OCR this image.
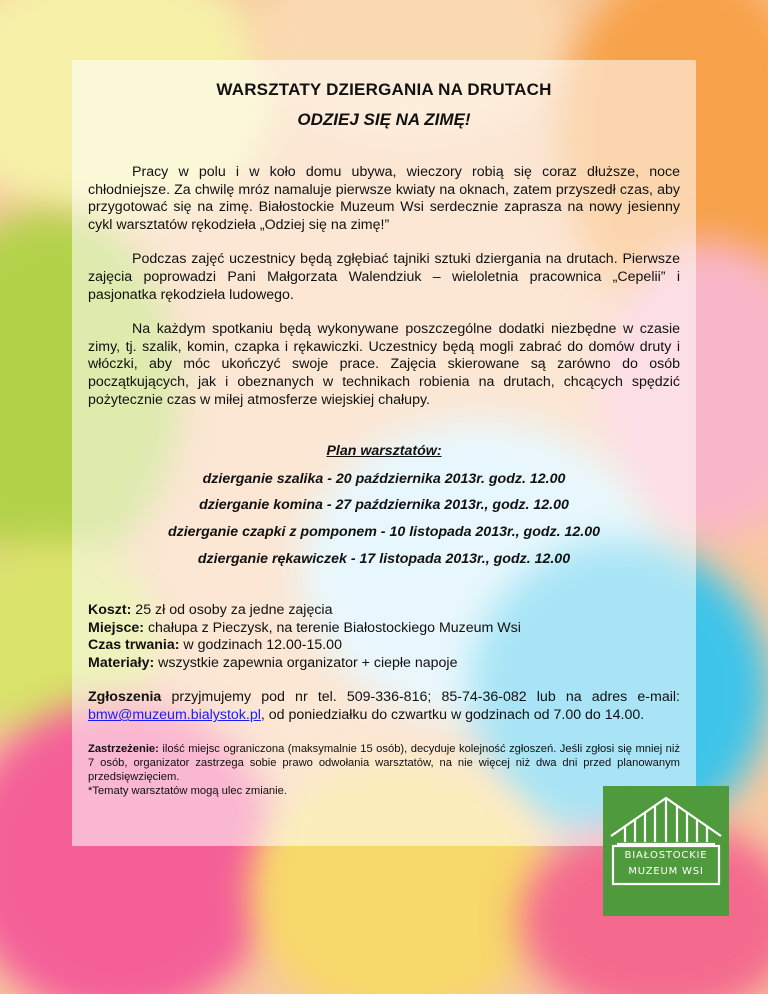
WARSZTATY DZIERGANIA NA DRUTACH
ODZIEJ SIĘ NA ZIMĘ!

Pracy w polu i w koło domu ubywa, wieczory robią się coraz dłuższe, noce chłodniejsze. Za chwilę mróz namaluje pierwsze kwiaty na oknach, zatem przyszedł czas, aby przygotować się na zimę. Białostockie Muzeum Wsi serdecznie zaprasza na nowy jesienny cykl warsztatów rękodzieła „Odziej się na zimę!”

Podczas zajęć uczestnicy będą zgłębiać tajniki sztuki dziergania na drutach. Pierwsze zajęcia poprowadzi Pani Małgorzata Walendziuk – wieloletnia pracownica „Cepelii” i pasjonatka rękodzieła ludowego.

Na każdym spotkaniu będą wykonywane poszczególne dodatki niezbędne w czasie zimy, tj. szalik, komin, czapka i rękawiczki. Uczestnicy będą mogli zabrać do domów druty i włóczki, aby móc ukończyć swoje prace. Zajęcia skierowane są zarówno do osób początkujących, jak i obeznanych w technikach robienia na drutach, chcących spędzić pożytecznie czas w miłej atmosferze wiejskiej chałupy.

Plan warsztatów:
dzierganie szalika - 20 października 2013r. godz. 12.00
dzierganie komina - 27 października 2013r., godz. 12.00
dzierganie czapki z pomponem - 10 listopada 2013r., godz. 12.00
dzierganie rękawiczek - 17 listopada 2013r., godz. 12.00
Koszt: 25 zł od osoby za jedne zajęcia
Miejsce: chałupa z Pieczysk, na terenie Białostockiego Muzeum Wsi
Czas trwania: w godzinach 12.00-15.00
Materiały: wszystkie zapewnia organizator + ciepłe napoje

Zgłoszenia przyjmujemy pod nr tel. 509-336-816; 85-74-36-082 lub na adres e-mail: bmw@muzeum.bialystok.pl, od poniedziałku do czwartku w godzinach od 7.00 do 14.00.

Zastrzeżenie: ilość miejsc ograniczona (maksymalnie 15 osób), decyduje kolejność zgłoszeń. Jeśli zgłosi się mniej niż 7 osób, organizator zastrzega sobie prawo odwołania warsztatów, na nie więcej niż dwa dni przed planowanym przedsięwzięciem.
*Tematy warsztatów mogą ulec zmianie.
BIAŁOSTOCKIE
MUZEUM WSI
